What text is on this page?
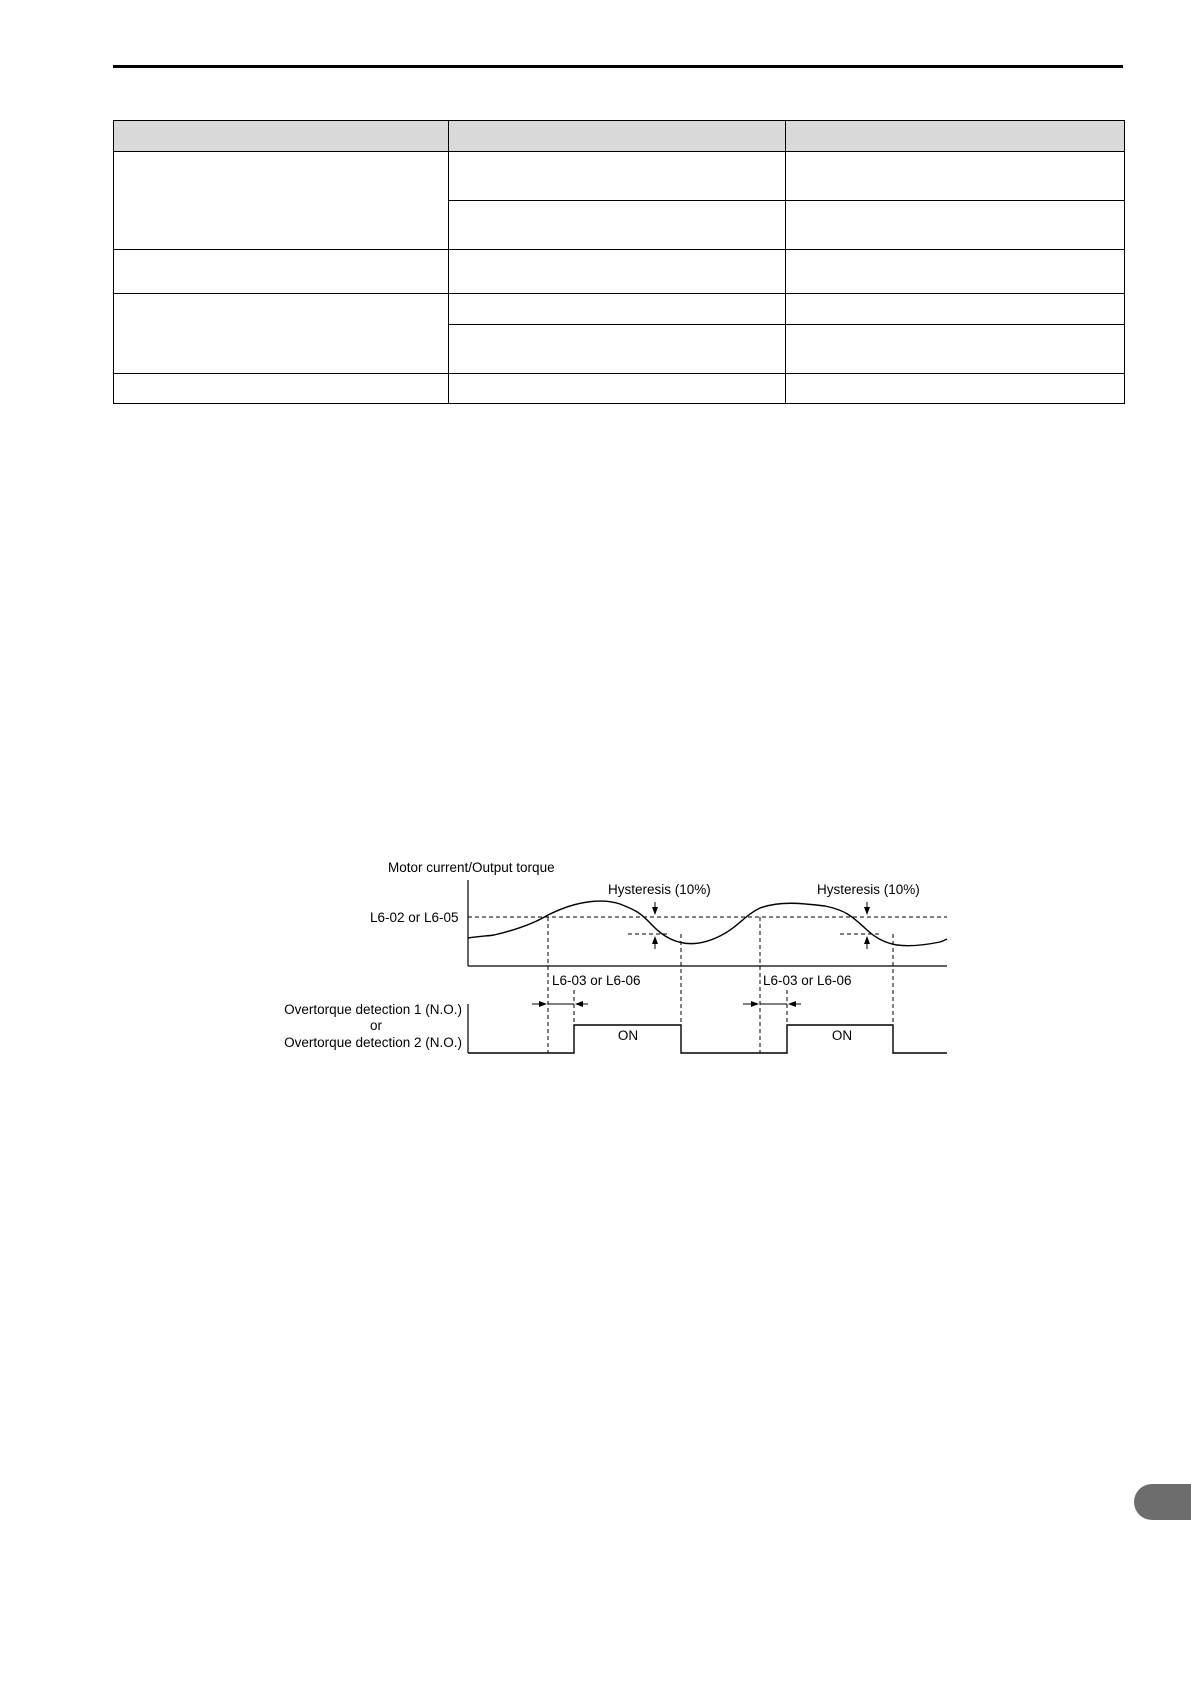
Motor current/Output torque
L6-02 or L6-05
Hysteresis (10%)	Hysteresis (10%)
L6-03 or L6-06	L6-03 or L6-06
Overtorque detection 1 (N.O.)
or
Overtorque detection 2 (N.O.)	ON	ON
